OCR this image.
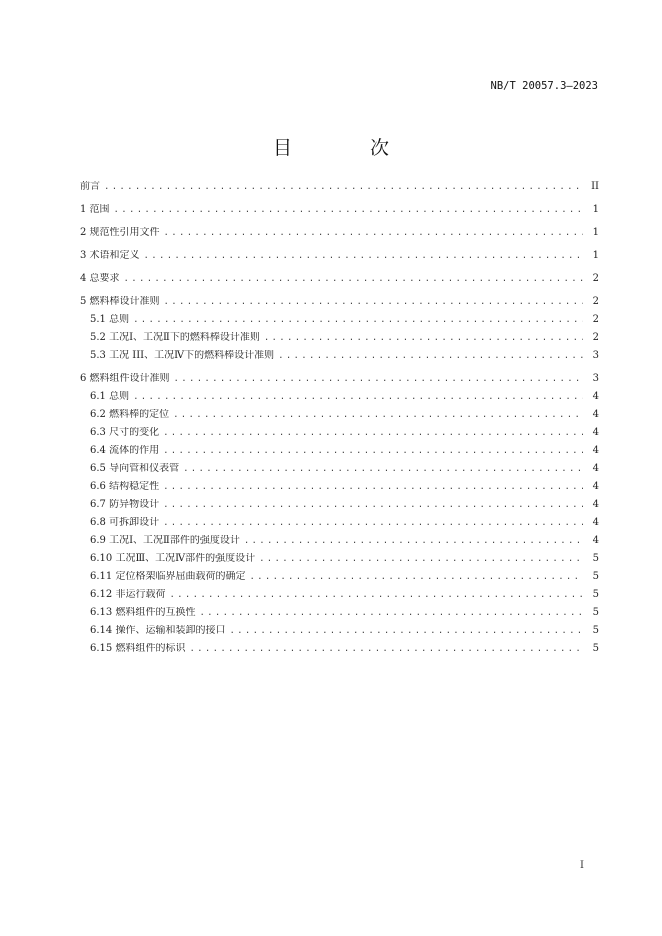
NB/T 20057.3—2023
目 次
前言 .....	II
1 范围 .....	1
2 规范性引用文件 .....	1
3 术语和定义 .....	1
4 总要求 .....	2
5 燃料棒设计准则 .....	2
5.1 总则 .....	2
5.2 工况Ⅰ、工况Ⅱ下的燃料棒设计准则 .....	2
5.3 工况 III、工况Ⅳ下的燃料棒设计准则 .....	3
6 燃料组件设计准则 .....	3
6.1 总则 .....	4
6.2 燃料棒的定位 .....	4
6.3 尺寸的变化 .....	4
6.4 流体的作用 .....	4
6.5 导向管和仪表管 .....	4
6.6 结构稳定性 .....	4
6.7 防异物设计 .....	4
6.8 可拆卸设计 .....	4
6.9 工况Ⅰ、工况Ⅱ部件的强度设计 .....	4
6.10 工况Ⅲ、工况Ⅳ部件的强度设计 .....	5
6.11 定位格架临界屈曲载荷的确定 .....	5
6.12 非运行载荷 .....	5
6.13 燃料组件的互换性 .....	5
6.14 操作、运输和装卸的接口 .....	5
6.15 燃料组件的标识 .....	5
I
